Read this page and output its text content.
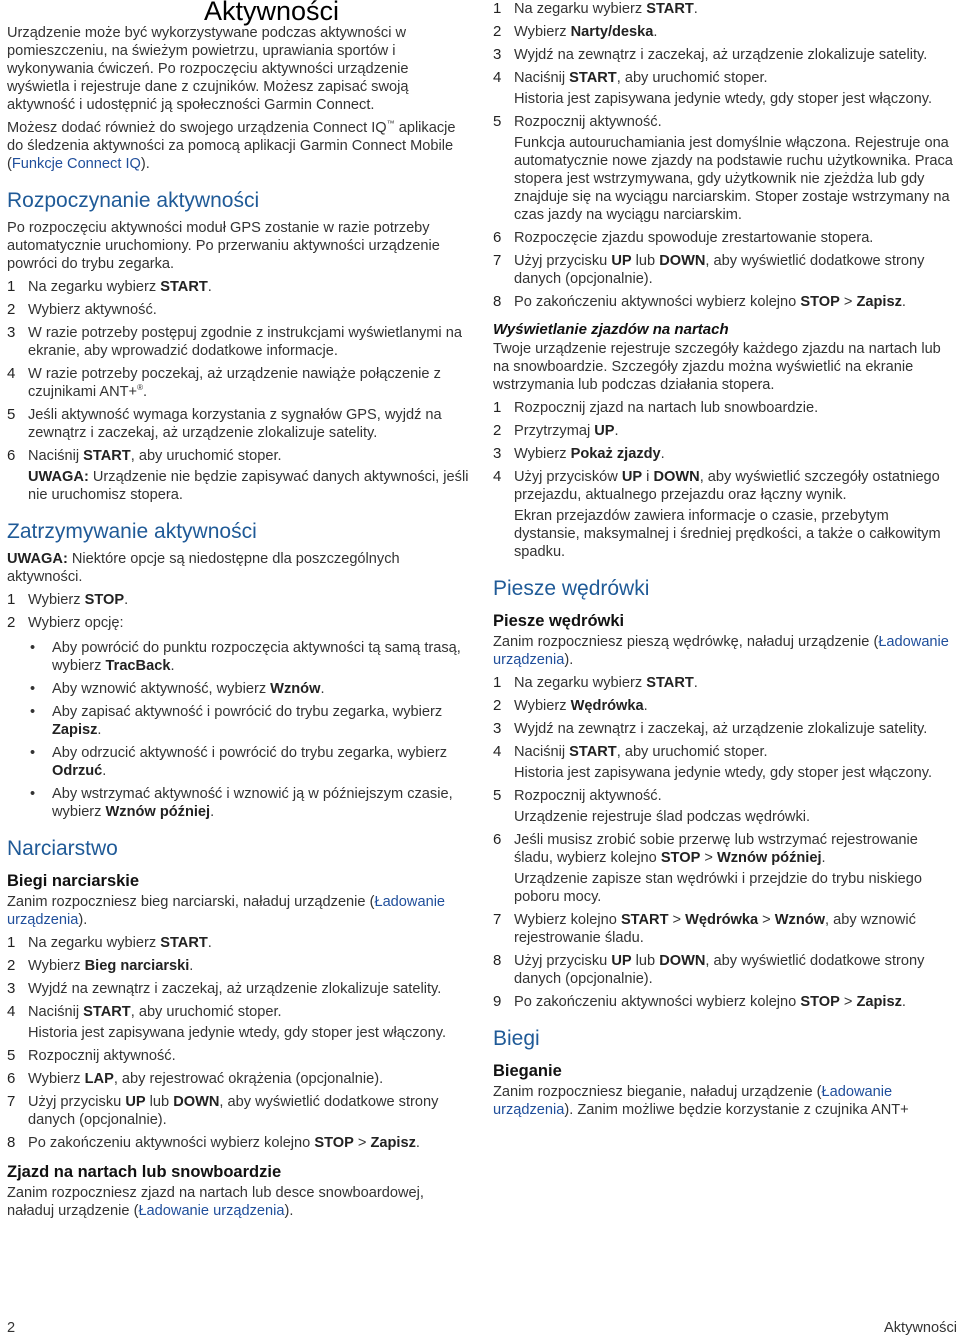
Aktywności

Urządzenie może być wykorzystywane podczas aktywności w pomieszczeniu, na świeżym powietrzu, uprawiania sportów i wykonywania ćwiczeń. Po rozpoczęciu aktywności urządzenie wyświetla i rejestruje dane z czujników. Możesz zapisać swoją aktywność i udostępnić ją społeczności Garmin Connect.

Możesz dodać również do swojego urządzenia Connect IQ™ aplikacje do śledzenia aktywności za pomocą aplikacji Garmin Connect Mobile (Funkcje Connect IQ).

Rozpoczynanie aktywności

Po rozpoczęciu aktywności moduł GPS zostanie w razie potrzeby automatycznie uruchomiony. Po przerwaniu aktywności urządzenie powróci do trybu zegarka.

1 Na zegarku wybierz START.
2 Wybierz aktywność.
3 W razie potrzeby postępuj zgodnie z instrukcjami wyświetlanymi na ekranie, aby wprowadzić dodatkowe informacje.
4 W razie potrzeby poczekaj, aż urządzenie nawiąże połączenie z czujnikami ANT+®.
5 Jeśli aktywność wymaga korzystania z sygnałów GPS, wyjdź na zewnątrz i zaczekaj, aż urządzenie zlokalizuje satelity.
6 Naciśnij START, aby uruchomić stoper.
UWAGA: Urządzenie nie będzie zapisywać danych aktywności, jeśli nie uruchomisz stopera.
Zatrzymywanie aktywności

UWAGA: Niektóre opcje są niedostępne dla poszczególnych aktywności.

1 Wybierz STOP.
2 Wybierz opcję:
•	Aby powrócić do punktu rozpoczęcia aktywności tą samą trasą, wybierz TracBack.
•	Aby wznowić aktywność, wybierz Wznów.
•	Aby zapisać aktywność i powrócić do trybu zegarka, wybierz Zapisz.
•	Aby odrzucić aktywność i powrócić do trybu zegarka, wybierz Odrzuć.
•	Aby wstrzymać aktywność i wznowić ją w późniejszym czasie, wybierz Wznów później.
Narciarstwo
Biegi narciarskie

Zanim rozpoczniesz bieg narciarski, naładuj urządzenie (Ładowanie urządzenia).

1 Na zegarku wybierz START.
2 Wybierz Bieg narciarski.
3 Wyjdź na zewnątrz i zaczekaj, aż urządzenie zlokalizuje satelity.
4 Naciśnij START, aby uruchomić stoper.
Historia jest zapisywana jedynie wtedy, gdy stoper jest włączony.
5 Rozpocznij aktywność.
6 Wybierz LAP, aby rejestrować okrążenia (opcjonalnie).
7 Użyj przycisku UP lub DOWN, aby wyświetlić dodatkowe strony danych (opcjonalnie).
8 Po zakończeniu aktywności wybierz kolejno STOP > Zapisz.
Zjazd na nartach lub snowboardzie

Zanim rozpoczniesz zjazd na nartach lub desce snowboardowej, naładuj urządzenie (Ładowanie urządzenia).

1 Na zegarku wybierz START.
2 Wybierz Narty/deska.
3 Wyjdź na zewnątrz i zaczekaj, aż urządzenie zlokalizuje satelity.
4 Naciśnij START, aby uruchomić stoper.
Historia jest zapisywana jedynie wtedy, gdy stoper jest włączony.
5 Rozpocznij aktywność.
Funkcja autouruchamiania jest domyślnie włączona. Rejestruje ona automatycznie nowe zjazdy na podstawie ruchu użytkownika. Praca stopera jest wstrzymywana, gdy użytkownik nie zjeżdża lub gdy znajduje się na wyciągu narciarskim. Stoper zostaje wstrzymany na czas jazdy na wyciągu narciarskim.
6 Rozpoczęcie zjazdu spowoduje zrestartowanie stopera.
7 Użyj przycisku UP lub DOWN, aby wyświetlić dodatkowe strony danych (opcjonalnie).
8 Po zakończeniu aktywności wybierz kolejno STOP > Zapisz.
Wyświetlanie zjazdów na nartach

Twoje urządzenie rejestruje szczegóły każdego zjazdu na nartach lub na snowboardzie. Szczegóły zjazdu można wyświetlić na ekranie wstrzymania lub podczas działania stopera.

1 Rozpocznij zjazd na nartach lub snowboardzie.
2 Przytrzymaj UP.
3 Wybierz Pokaż zjazdy.
4 Użyj przycisków UP i DOWN, aby wyświetlić szczegóły ostatniego przejazdu, aktualnego przejazdu oraz łączny wynik.
Ekran przejazdów zawiera informacje o czasie, przebytym dystansie, maksymalnej i średniej prędkości, a także o całkowitym spadku.
Piesze wędrówki
Piesze wędrówki

Zanim rozpoczniesz pieszą wędrówkę, naładuj urządzenie (Ładowanie urządzenia).

1 Na zegarku wybierz START.
2 Wybierz Wędrówka.
3 Wyjdź na zewnątrz i zaczekaj, aż urządzenie zlokalizuje satelity.
4 Naciśnij START, aby uruchomić stoper.
Historia jest zapisywana jedynie wtedy, gdy stoper jest włączony.
5 Rozpocznij aktywność.
Urządzenie rejestruje ślad podczas wędrówki.
6 Jeśli musisz zrobić sobie przerwę lub wstrzymać rejestrowanie śladu, wybierz kolejno STOP > Wznów później.
Urządzenie zapisze stan wędrówki i przejdzie do trybu niskiego poboru mocy.
7 Wybierz kolejno START > Wędrówka > Wznów, aby wznowić rejestrowanie śladu.
8 Użyj przycisku UP lub DOWN, aby wyświetlić dodatkowe strony danych (opcjonalnie).
9 Po zakończeniu aktywności wybierz kolejno STOP > Zapisz.
Biegi
Bieganie

Zanim rozpoczniesz bieganie, naładuj urządzenie (Ładowanie urządzenia). Zanim możliwe będzie korzystanie z czujnika ANT+

2	Aktywności
